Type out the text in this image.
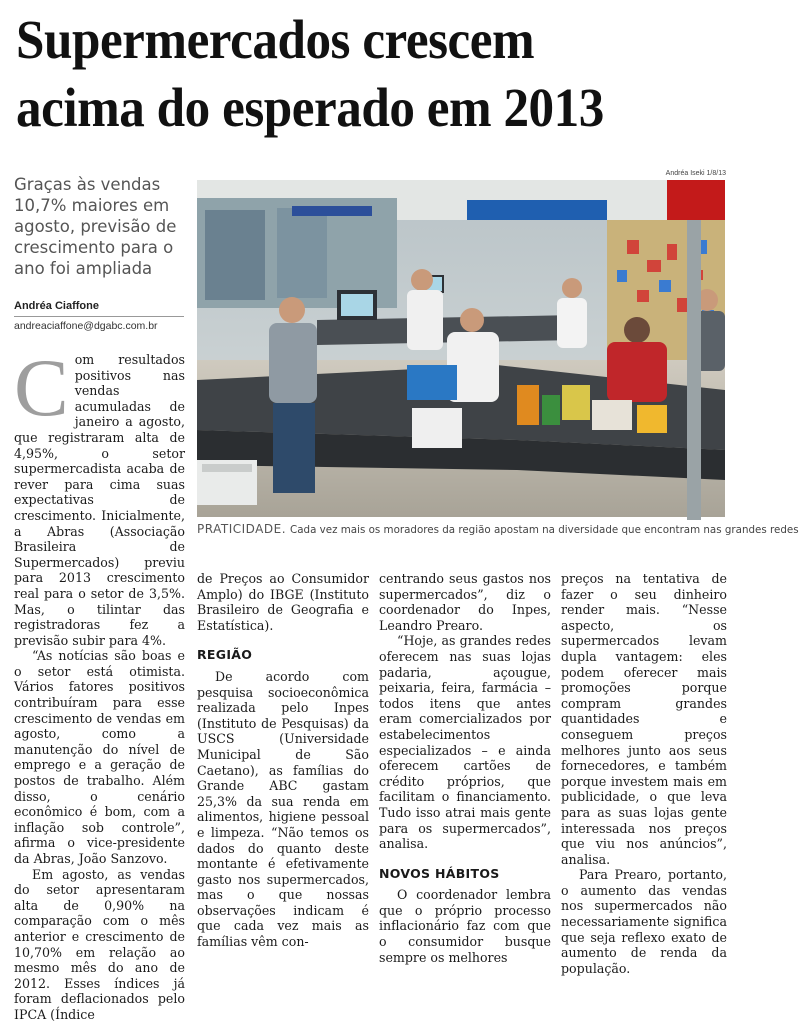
Supermercados crescem
acima do esperado em 2013
Graças às vendas 10,7% maiores em agosto, previsão de crescimento para o ano foi ampliada
Andréa Ciaffone
andreaciaffone@dgabc.com.br
Andréa Iseki 1/8/13
PRATICIDADE. Cada vez mais os moradores da região apostam na diversidade que encontram nas grandes redes

Com resultados positivos nas vendas acumuladas de janeiro a agosto, que registraram alta de 4,95%, o setor supermercadista acaba de rever para cima suas expectativas de crescimento. Inicialmente, a Abras (Associação Brasileira de Supermercados) previu para 2013 crescimento real para o setor de 3,5%. Mas, o tilintar das registradoras fez a previsão subir para 4%.

“As notícias são boas e o setor está otimista. Vários fatores positivos contribuíram para esse crescimento de vendas em agosto, como a manutenção do nível de emprego e a geração de postos de trabalho. Além disso, o cenário econômico é bom, com a inflação sob controle”, afirma o vice-presidente da Abras, João Sanzovo.

Em agosto, as vendas do setor apresentaram alta de 0,90% na comparação com o mês anterior e crescimento de 10,70% em relação ao mesmo mês do ano de 2012. Esses índices já foram deflacionados pelo IPCA (Índice

de Preços ao Consumidor Amplo) do IBGE (Instituto Brasileiro de Geografia e Estatística).

REGIÃO

De acordo com pesquisa socioeconômica realizada pelo Inpes (Instituto de Pesquisas) da USCS (Universidade Municipal de São Caetano), as famílias do Grande ABC gastam 25,3% da sua renda em alimentos, higiene pessoal e limpeza. “Não temos os dados do quanto deste montante é efetivamente gasto nos supermercados, mas o que nossas observações indicam é que cada vez mais as famílias vêm con-

centrando seus gastos nos supermercados”, diz o coordenador do Inpes, Leandro Prearo.

“Hoje, as grandes redes oferecem nas suas lojas padaria, açougue, peixaria, feira, farmácia – todos itens que antes eram comercializados por estabelecimentos especializados – e ainda oferecem cartões de crédito próprios, que facilitam o financiamento. Tudo isso atrai mais gente para os supermercados”, analisa.

NOVOS HÁBITOS

O coordenador lembra que o próprio processo inflacionário faz com que o consumidor busque sempre os melhores

preços na tentativa de fazer o seu dinheiro render mais. “Nesse aspecto, os supermercados levam dupla vantagem: eles podem oferecer mais promoções porque compram grandes quantidades e conseguem preços melhores junto aos seus fornecedores, e também porque investem mais em publicidade, o que leva para as suas lojas gente interessada nos preços que viu nos anúncios”, analisa.

Para Prearo, portanto, o aumento das vendas nos supermercados não necessariamente significa que seja reflexo exato de aumento de renda da população.
